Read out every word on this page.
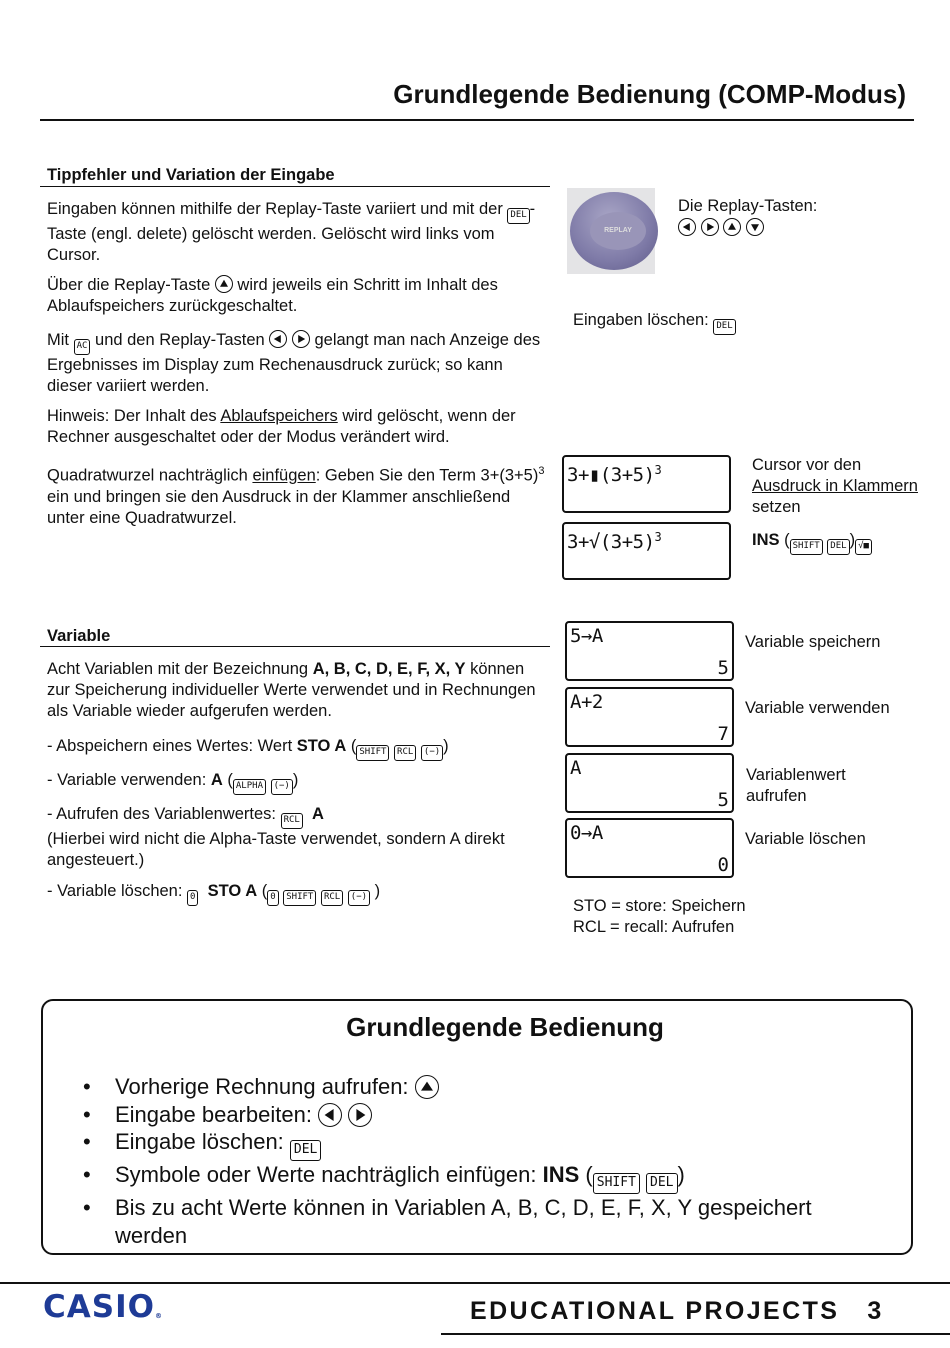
Grundlegende Bedienung (COMP-Modus)
Tippfehler und Variation der Eingabe
Eingaben können mithilfe der Replay-Taste variiert und mit der DEL -Taste (engl. delete) gelöscht werden. Gelöscht wird links vom Cursor.
Über die Replay-Taste  wird jeweils ein Schritt im Inhalt des Ablaufspeichers zurückgeschaltet.
Mit AC und den Replay-Tasten   gelangt man nach Anzeige des Ergebnisses im Display zum Rechenausdruck zurück; so kann dieser variiert werden.
Hinweis: Der Inhalt des Ablaufspeichers wird gelöscht, wenn der Rechner ausgeschaltet oder der Modus verändert wird.
Quadratwurzel nachträglich einfügen: Geben Sie den Term $3+(3+5)^3$ ein und bringen sie den Ausdruck in der Klammer anschließend unter eine Quadratwurzel.
REPLAY
Die Replay-Tasten:

Eingaben löschen: DEL
$3+▮(3+5)^3$
$3+√(3+5)^3$
Cursor vor den Ausdruck in Klammern setzen
INS ( SHIFT DEL ) √■
Variable
Acht Variablen mit der Bezeichnung A, B, C, D, E, F, X, Y können zur Speicherung individueller Werte verwendet und in Rechnungen als Variable wieder aufgerufen werden.
- Abspeichern eines Wertes: Wert STO A ( SHIFT RCL (−) )
- Variable verwenden: A ( ALPHA (−) )
- Aufrufen des Variablenwertes: RCL A
(Hierbei wird nicht die Alpha-Taste verwendet, sondern A direkt angesteuert.)
- Variable löschen: 0 STO A ( 0 SHIFT RCL (−) )
5→A
5
Variable speichern
A+2
7
Variable verwenden
A
5
Variablenwert aufrufen
0→A
0
Variable löschen
STO = store: Speichern
RCL = recall: Aufrufen
Grundlegende Bedienung
• Vorherige Rechnung aufrufen:
• Eingabe bearbeiten:
• Eingabe löschen: DEL
• Symbole oder Werte nachträglich einfügen: INS ( SHIFT DEL )
• Bis zu acht Werte können in Variablen A, B, C, D, E, F, X, Y gespeichert werden
CASIO®	EDUCATIONAL PROJECTS 3
